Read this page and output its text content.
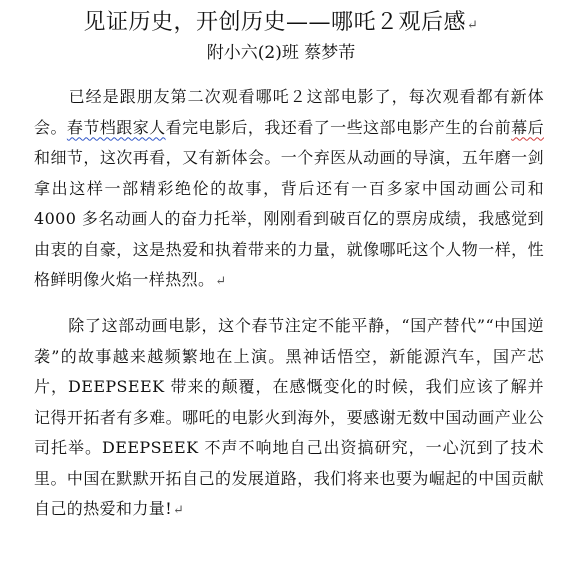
见证历史，开创历史——哪吒２观后感↵
附小六(2)班 蔡梦芾
已经是跟朋友第二次观看哪吒２这部电影了，每次观看都有新体会。春节档跟家人看完电影后，我还看了一些这部电影产生的台前幕后和细节，这次再看，又有新体会。一个弃医从动画的导演，五年磨一剑拿出这样一部精彩绝伦的故事，背后还有一百多家中国动画公司和 4000 多名动画人的奋力托举，刚刚看到破百亿的票房成绩，我感觉到由衷的自豪，这是热爱和执着带来的力量，就像哪吒这个人物一样，性格鲜明像火焰一样热烈。↵
除了这部动画电影，这个春节注定不能平静，“国产替代”“中国逆袭”的故事越来越频繁地在上演。黑神话悟空，新能源汽车，国产芯片，DEEPSEEK 带来的颠覆，在感慨变化的时候，我们应该了解并记得开拓者有多难。哪吒的电影火到海外，要感谢无数中国动画产业公司托举。DEEPSEEK 不声不响地自己出资搞研究，一心沉到了技术里。中国在默默开拓自己的发展道路，我们将来也要为崛起的中国贡献自己的热爱和力量!↵
